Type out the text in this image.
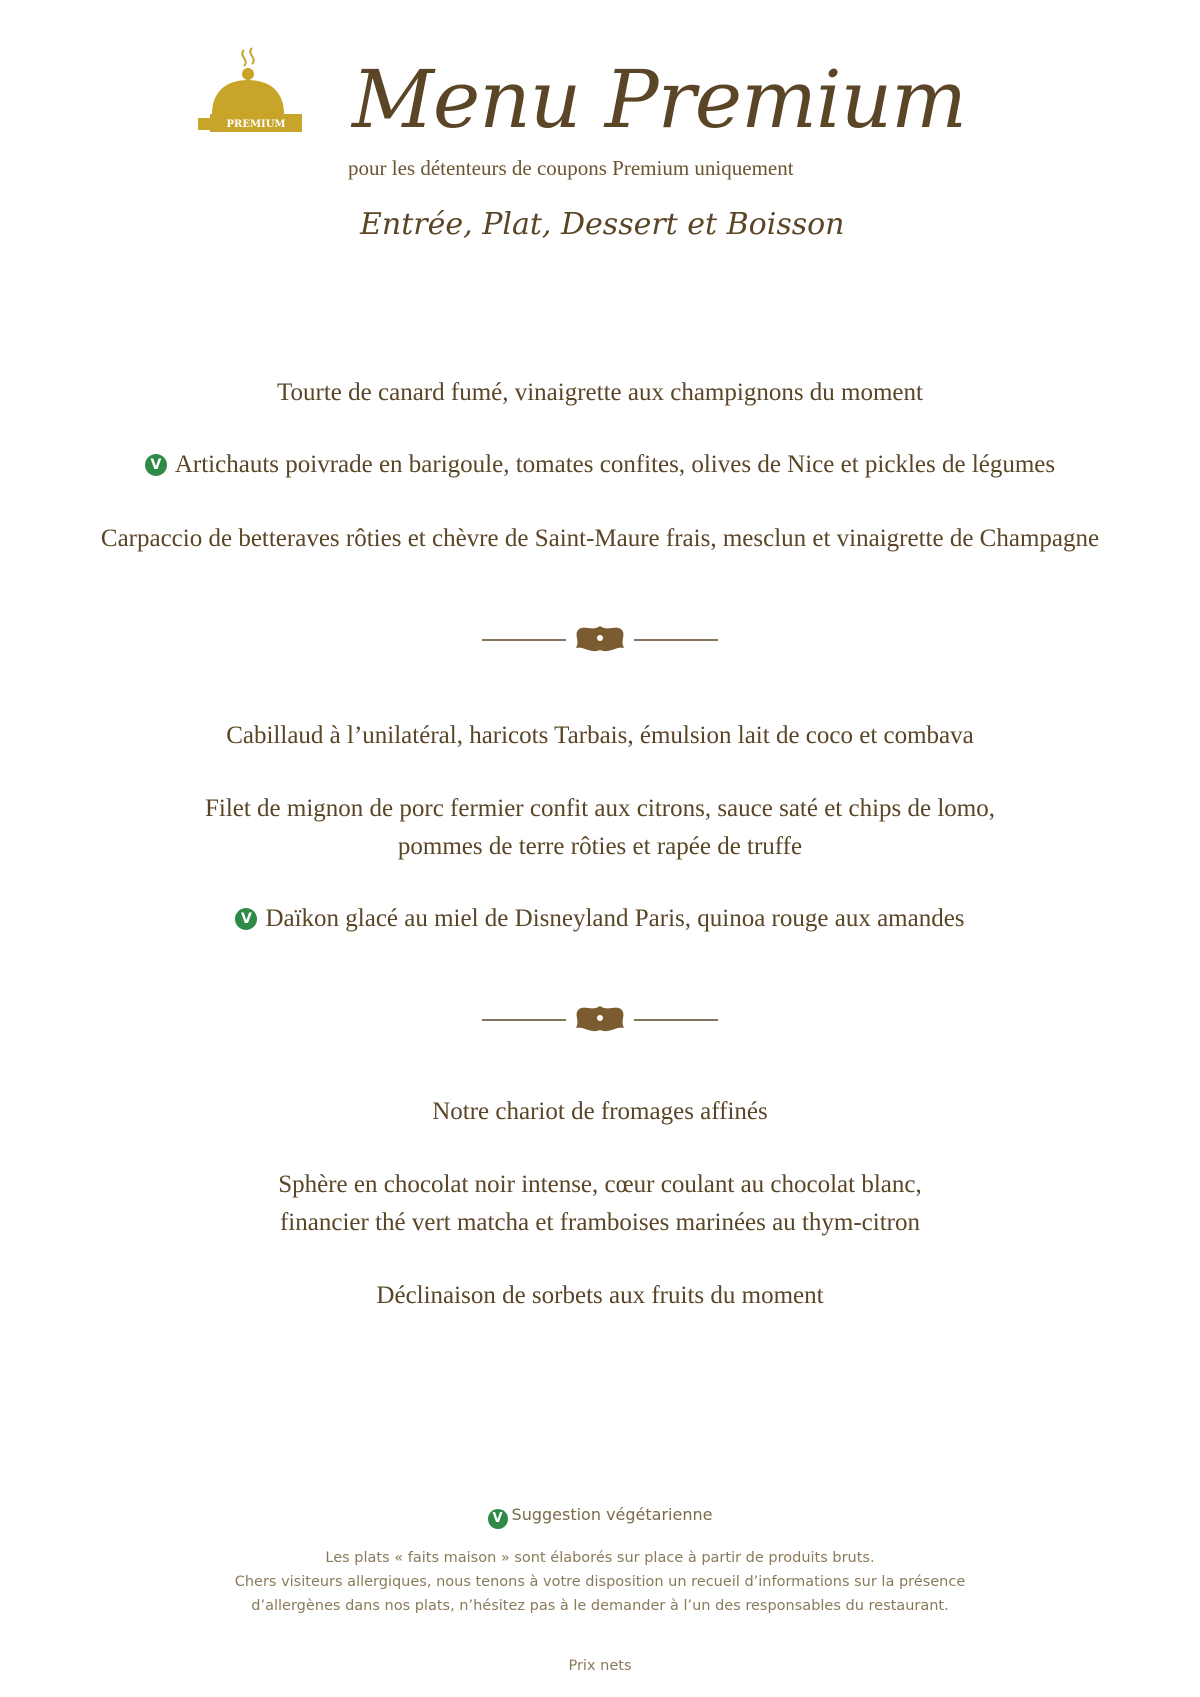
PREMIUM Menu Premium
pour les détenteurs de coupons Premium uniquement
Entrée, Plat, Dessert et Boisson
Tourte de canard fumé, vinaigrette aux champignons du moment
V Artichauts poivrade en barigoule, tomates confites, olives de Nice et pickles de légumes
Carpaccio de betteraves rôties et chèvre de Saint-Maure frais, mesclun et vinaigrette de Champagne
Cabillaud à l’unilatéral, haricots Tarbais, émulsion lait de coco et combava
Filet de mignon de porc fermier confit aux citrons, sauce saté et chips de lomo,
pommes de terre rôties et rapée de truffe
V Daïkon glacé au miel de Disneyland Paris, quinoa rouge aux amandes
Notre chariot de fromages affinés
Sphère en chocolat noir intense, cœur coulant au chocolat blanc,
financier thé vert matcha et framboises marinées au thym-citron
Déclinaison de sorbets aux fruits du moment
V Suggestion végétarienne
Les plats « faits maison » sont élaborés sur place à partir de produits bruts.
Chers visiteurs allergiques, nous tenons à votre disposition un recueil d’informations sur la présence
d’allergènes dans nos plats, n’hésitez pas à le demander à l’un des responsables du restaurant.
Prix nets
